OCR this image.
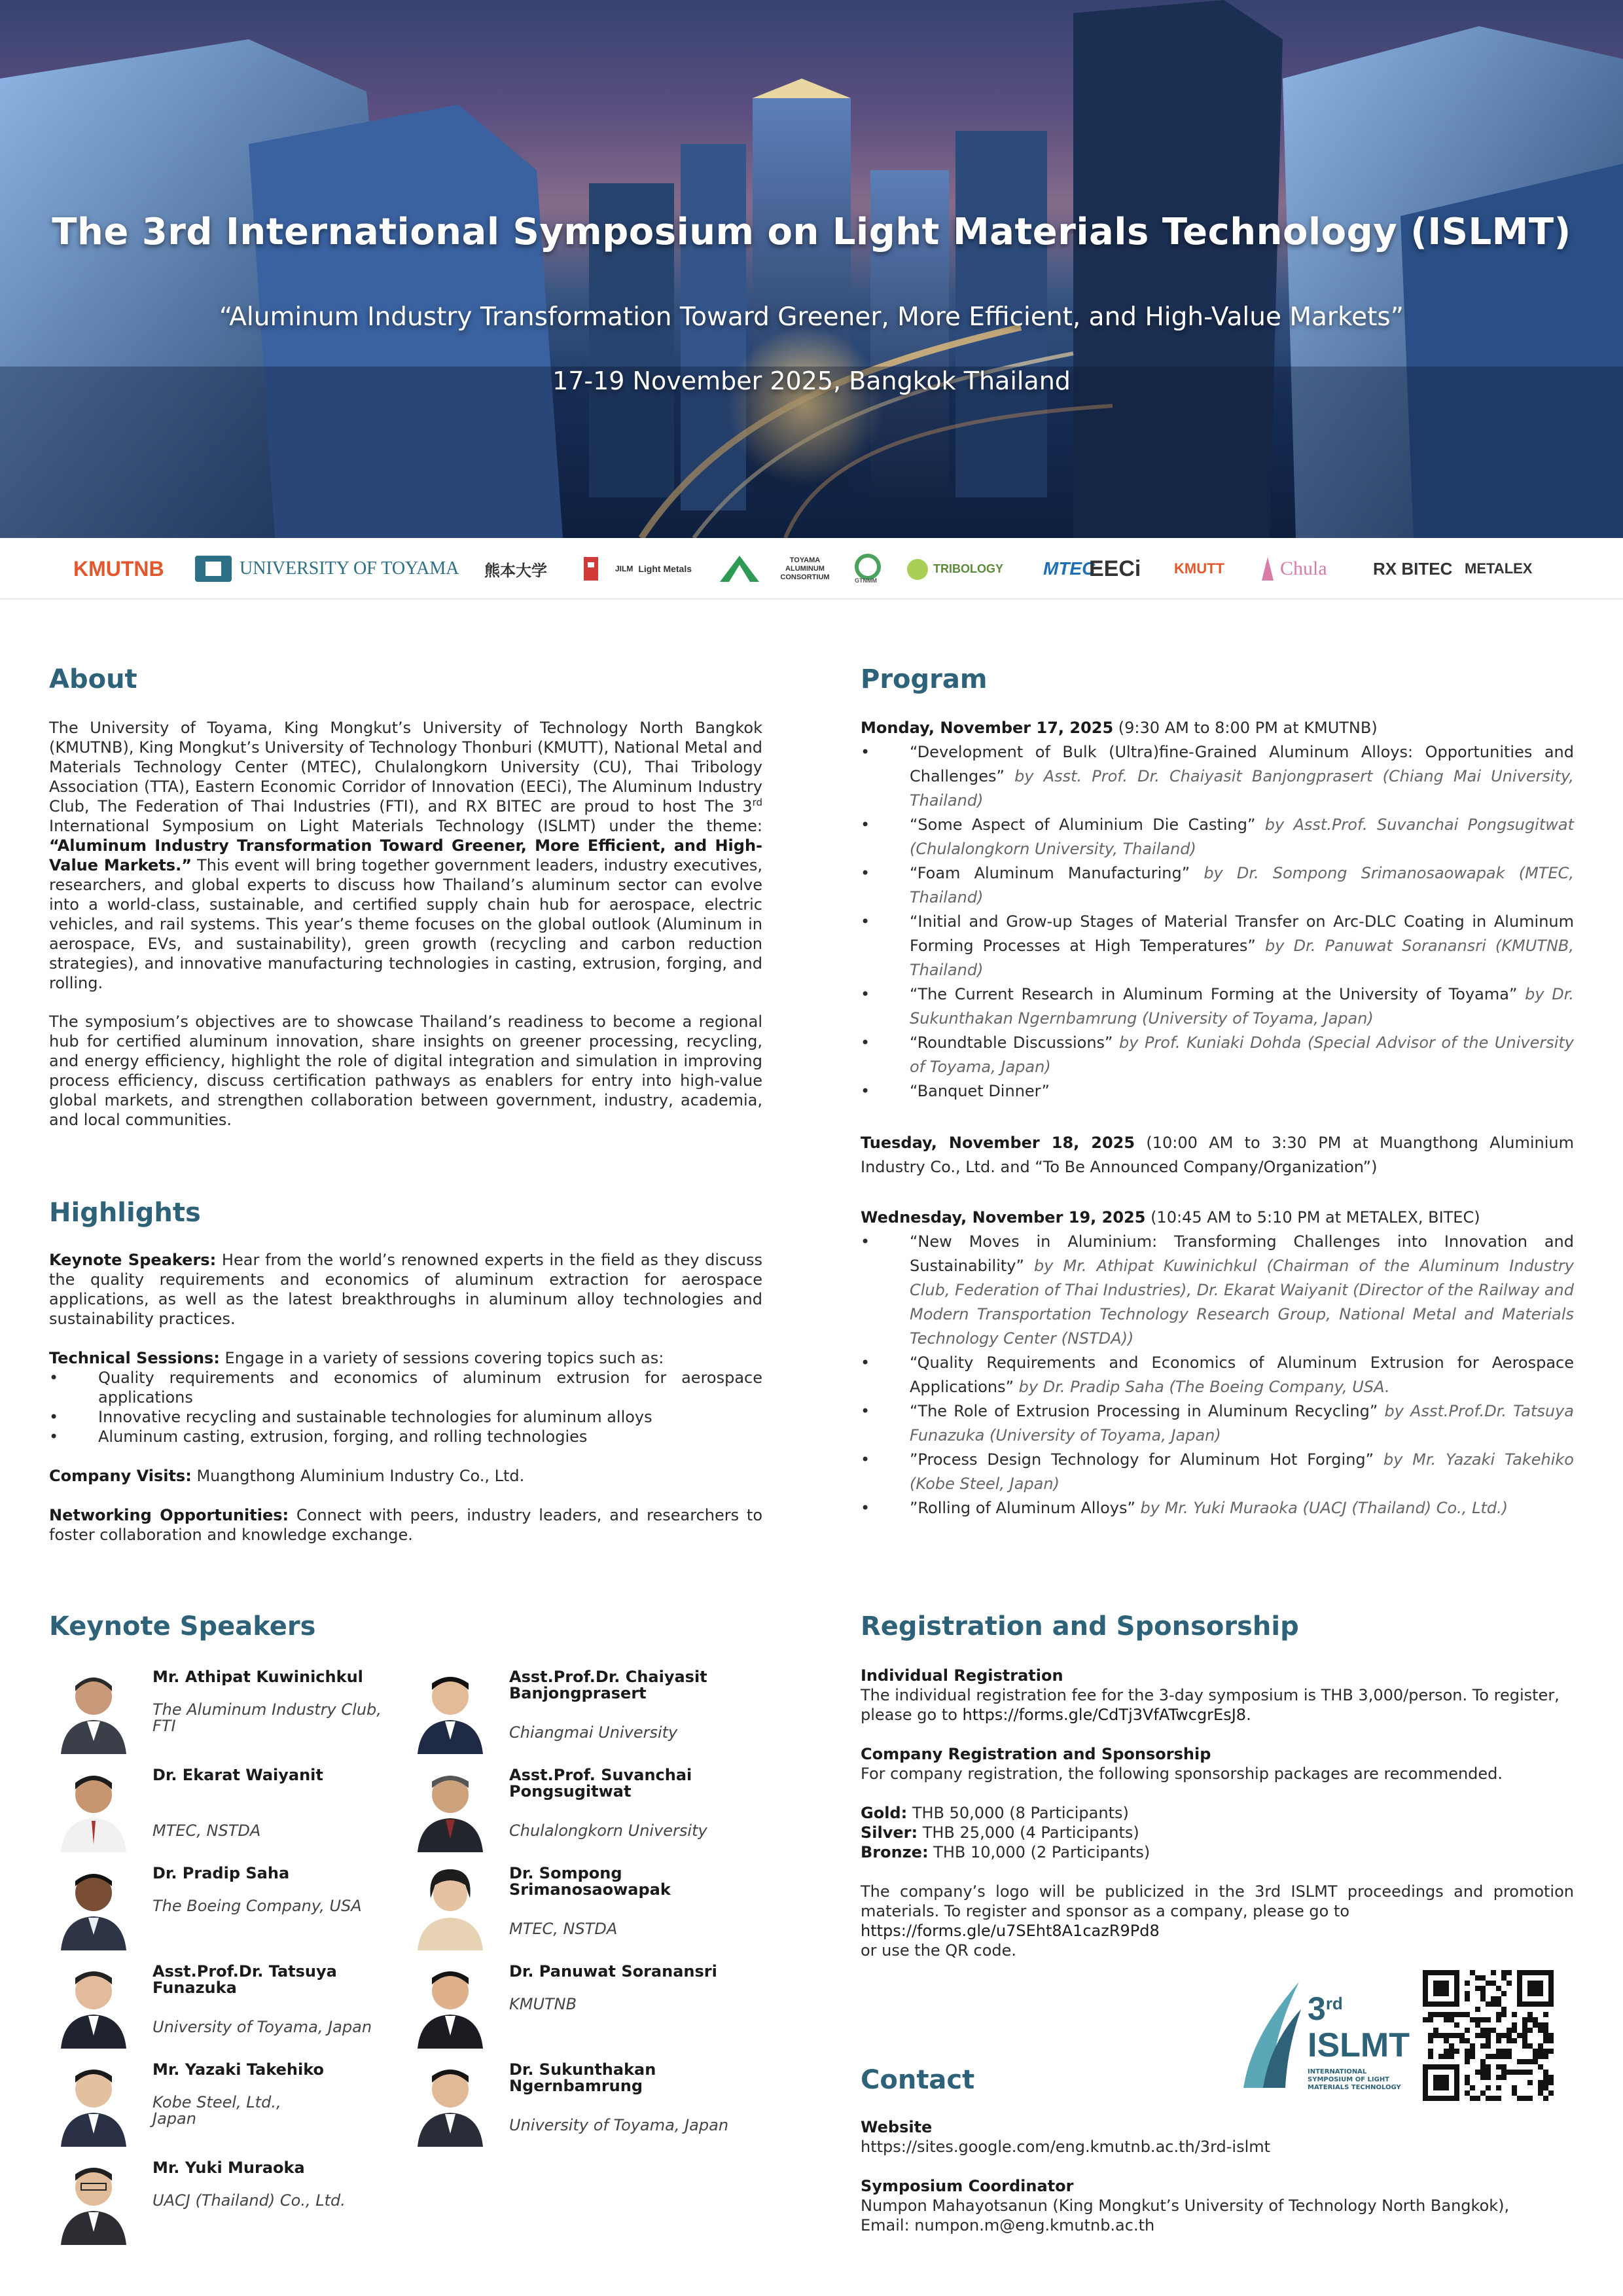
The 3rd International Symposium on Light Materials Technology (ISLMT)
“Aluminum Industry Transformation Toward Greener, More Efficient, and High-Value Markets”
17-19 November 2025, Bangkok Thailand
KMUTNB	UNIVERSITY OF TOYAMA 熊本大学	JILM Light Metals
TOYAMA ALUMINUM CONSORTIUM	GTNMM
TRIBOLOGY MTEC
EECi KMUTT	Chula	RX BITEC METALEX
About
The University of Toyama, King Mongkut’s University of Technology North Bangkok (KMUTNB), King Mongkut’s University of Technology Thonburi (KMUTT), National Metal and Materials Technology Center (MTEC), Chulalongkorn University (CU), Thai Tribology Association (TTA), Eastern Economic Corridor of Innovation (EECi), The Aluminum Industry Club, The Federation of Thai Industries (FTI), and RX BITEC are proud to host The 3rd International Symposium on Light Materials Technology (ISLMT) under the theme: “Aluminum Industry Transformation Toward Greener, More Efficient, and High-Value Markets.” This event will bring together government leaders, industry executives, researchers, and global experts to discuss how Thailand’s aluminum sector can evolve into a world-class, sustainable, and certified supply chain hub for aerospace, electric vehicles, and rail systems. This year’s theme focuses on the global outlook (Aluminum in aerospace, EVs, and sustainability), green growth (recycling and carbon reduction strategies), and innovative manufacturing technologies in casting, extrusion, forging, and rolling.
The symposium’s objectives are to showcase Thailand’s readiness to become a regional hub for certified aluminum innovation, share insights on greener processing, recycling, and energy efficiency, highlight the role of digital integration and simulation in improving process efficiency, discuss certification pathways as enablers for entry into high-value global markets, and strengthen collaboration between government, industry, academia, and local communities.
Highlights
Keynote Speakers: Hear from the world’s renowned experts in the field as they discuss the quality requirements and economics of aluminum extraction for aerospace applications, as well as the latest breakthroughs in aluminum alloy technologies and sustainability practices.
Technical Sessions: Engage in a variety of sessions covering topics such as:
• Quality requirements and economics of aluminum extrusion for aerospace applications
• Innovative recycling and sustainable technologies for aluminum alloys
• Aluminum casting, extrusion, forging, and rolling technologies
Company Visits: Muangthong Aluminium Industry Co., Ltd.
Networking Opportunities: Connect with peers, industry leaders, and researchers to foster collaboration and knowledge exchange.
Program
Monday, November 17, 2025 (9:30 AM to 8:00 PM at KMUTNB)
• “Development of Bulk (Ultra)fine-Grained Aluminum Alloys: Opportunities and Challenges” by Asst. Prof. Dr. Chaiyasit Banjongprasert (Chiang Mai University, Thailand)
• “Some Aspect of Aluminium Die Casting” by Asst.Prof. Suvanchai Pongsugitwat (Chulalongkorn University, Thailand)
• “Foam Aluminum Manufacturing” by Dr. Sompong Srimanosaowapak (MTEC, Thailand)
• “Initial and Grow-up Stages of Material Transfer on Arc-DLC Coating in Aluminum Forming Processes at High Temperatures” by Dr. Panuwat Soranansri (KMUTNB, Thailand)
• “The Current Research in Aluminum Forming at the University of Toyama” by Dr. Sukunthakan Ngernbamrung (University of Toyama, Japan)
• “Roundtable Discussions” by Prof. Kuniaki Dohda (Special Advisor of the University of Toyama, Japan)
• “Banquet Dinner”
Tuesday, November 18, 2025 (10:00 AM to 3:30 PM at Muangthong Aluminium Industry Co., Ltd. and “To Be Announced Company/Organization”)
Wednesday, November 19, 2025 (10:45 AM to 5:10 PM at METALEX, BITEC)
• “New Moves in Aluminium: Transforming Challenges into Innovation and Sustainability” by Mr. Athipat Kuwinichkul (Chairman of the Aluminum Industry Club, Federation of Thai Industries), Dr. Ekarat Waiyanit (Director of the Railway and Modern Transportation Technology Research Group, National Metal and Materials Technology Center (NSTDA))
• “Quality Requirements and Economics of Aluminum Extrusion for Aerospace Applications” by Dr. Pradip Saha (The Boeing Company, USA.
• “The Role of Extrusion Processing in Aluminum Recycling” by Asst.Prof.Dr. Tatsuya Funazuka (University of Toyama, Japan)
• ”Process Design Technology for Aluminum Hot Forging” by Mr. Yazaki Takehiko (Kobe Steel, Japan)
• ”Rolling of Aluminum Alloys” by Mr. Yuki Muraoka (UACJ (Thailand) Co., Ltd.)
Keynote Speakers
Mr. Athipat Kuwinichkul
The Aluminum Industry Club, FTI
Dr. Ekarat Waiyanit
MTEC, NSTDA
Dr. Pradip Saha
The Boeing Company, USA
Asst.Prof.Dr. Tatsuya Funazuka
University of Toyama, Japan
Mr. Yazaki Takehiko
Kobe Steel, Ltd., Japan
Mr. Yuki Muraoka
UACJ (Thailand) Co., Ltd.
Asst.Prof.Dr. Chaiyasit Banjongprasert
Chiangmai University
Asst.Prof. Suvanchai Pongsugitwat
Chulalongkorn University
Dr. Sompong Srimanosaowapak
MTEC, NSTDA
Dr. Panuwat Soranansri
KMUTNB
Dr. Sukunthakan Ngernbamrung
University of Toyama, Japan
Registration and Sponsorship
Individual Registration
The individual registration fee for the 3-day symposium is THB 3,000/person. To register, please go to https://forms.gle/CdTj3VfATwcgrEsJ8.
Company Registration and Sponsorship
For company registration, the following sponsorship packages are recommended.
Gold: THB 50,000 (8 Participants)
Silver: THB 25,000 (4 Participants)
Bronze: THB 10,000 (2 Participants)
The company’s logo will be publicized in the 3rd ISLMT proceedings and promotion materials. To register and sponsor as a company, please go to
https://forms.gle/u7SEht8A1cazR9Pd8
or use the QR code.
3rd
ISLMT
INTERNATIONAL SYMPOSIUM OF LIGHT MATERIALS TECHNOLOGY
Contact
Website
https://sites.google.com/eng.kmutnb.ac.th/3rd-islmt
Symposium Coordinator
Numpon Mahayotsanun (King Mongkut’s University of Technology North Bangkok),
Email: numpon.m@eng.kmutnb.ac.th
